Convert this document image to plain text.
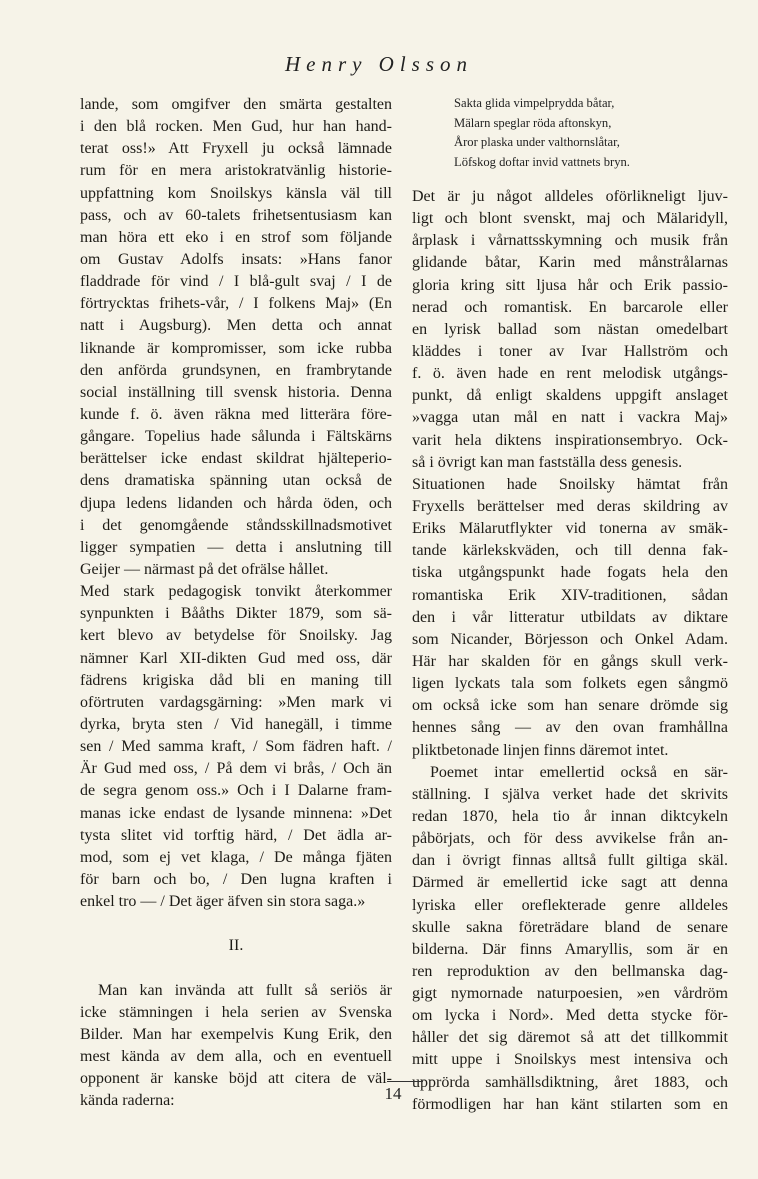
Henry Olsson
lande, som omgifver den smärta gestalten
i den blå rocken. Men Gud, hur han hand-
terat oss!» Att Fryxell ju också lämnade
rum för en mera aristokratvänlig historie-
uppfattning kom Snoilskys känsla väl till
pass, och av 60-talets frihetsentusiasm kan
man höra ett eko i en strof som följande
om Gustav Adolfs insats: »Hans fanor
fladdrade för vind / I blå-gult svaj / I de
förtrycktas frihets-vår, / I folkens Maj» (En
natt i Augsburg). Men detta och annat
liknande är kompromisser, som icke rubba
den anförda grundsynen, en frambrytande
social inställning till svensk historia. Denna
kunde f. ö. även räkna med litterära före-
gångare. Topelius hade sålunda i Fältskärns
berättelser icke endast skildrat hjälteperio-
dens dramatiska spänning utan också de
djupa ledens lidanden och hårda öden, och
i det genomgående ståndsskillnadsmotivet
ligger sympatien — detta i anslutning till
Geijer — närmast på det ofrälse hållet.
Med stark pedagogisk tonvikt återkommer
synpunkten i Bååths Dikter 1879, som sä-
kert blevo av betydelse för Snoilsky. Jag
nämner Karl XII-dikten Gud med oss, där
fädrens krigiska dåd bli en maning till
oförtruten vardagsgärning: »Men mark vi
dyrka, bryta sten / Vid hanegäll, i timme
sen / Med samma kraft, / Som fädren haft. /
Är Gud med oss, / På dem vi brås, / Och än
de segra genom oss.» Och i I Dalarne fram-
manas icke endast de lysande minnena: »Det
tysta slitet vid torftig härd, / Det ädla ar-
mod, som ej vet klaga, / De många fjäten
för barn och bo, / Den lugna kraften i
enkel tro — / Det äger äfven sin stora saga.»

II.

Man kan invända att fullt så seriös är
icke stämningen i hela serien av Svenska
Bilder. Man har exempelvis Kung Erik, den
mest kända av dem alla, och en eventuell
opponent är kanske böjd att citera de väl-
kända raderna:
Sakta glida vimpelprydda båtar,
Mälarn speglar röda aftonskyn,
Åror plaska under valthornslåtar,
Löfskog doftar invid vattnets bryn.
Det är ju något alldeles oförlikneligt ljuv-
ligt och blont svenskt, maj och Mälaridyll,
årplask i vårnattsskymning och musik från
glidande båtar, Karin med månstrålarnas
gloria kring sitt ljusa hår och Erik passio-
nerad och romantisk. En barcarole eller
en lyrisk ballad som nästan omedelbart
kläddes i toner av Ivar Hallström och
f. ö. även hade en rent melodisk utgångs-
punkt, då enligt skaldens uppgift anslaget
»vagga utan mål en natt i vackra Maj»
varit hela diktens inspirationsembryo. Ock-
så i övrigt kan man fastställa dess genesis.
Situationen hade Snoilsky hämtat från
Fryxells berättelser med deras skildring av
Eriks Mälarutflykter vid tonerna av smäk-
tande kärlekskväden, och till denna fak-
tiska utgångspunkt hade fogats hela den
romantiska Erik XIV-traditionen, sådan
den i vår litteratur utbildats av diktare
som Nicander, Börjesson och Onkel Adam.
Här har skalden för en gångs skull verk-
ligen lyckats tala som folkets egen sångmö
om också icke som han senare drömde sig
hennes sång — av den ovan framhållna
pliktbetonade linjen finns däremot intet.
Poemet intar emellertid också en sär-
ställning. I själva verket hade det skrivits
redan 1870, hela tio år innan diktcykeln
påbörjats, och för dess avvikelse från an-
dan i övrigt finnas alltså fullt giltiga skäl.
Därmed är emellertid icke sagt att denna
lyriska eller oreflekterade genre alldeles
skulle sakna företrädare bland de senare
bilderna. Där finns Amaryllis, som är en
ren reproduktion av den bellmanska dag-
gigt nymornade naturpoesien, »en vårdröm
om lycka i Nord». Med detta stycke för-
håller det sig däremot så att det tillkommit
mitt uppe i Snoilskys mest intensiva och
upprörda samhällsdiktning, året 1883, och
förmodligen har han känt stilarten som en
14
